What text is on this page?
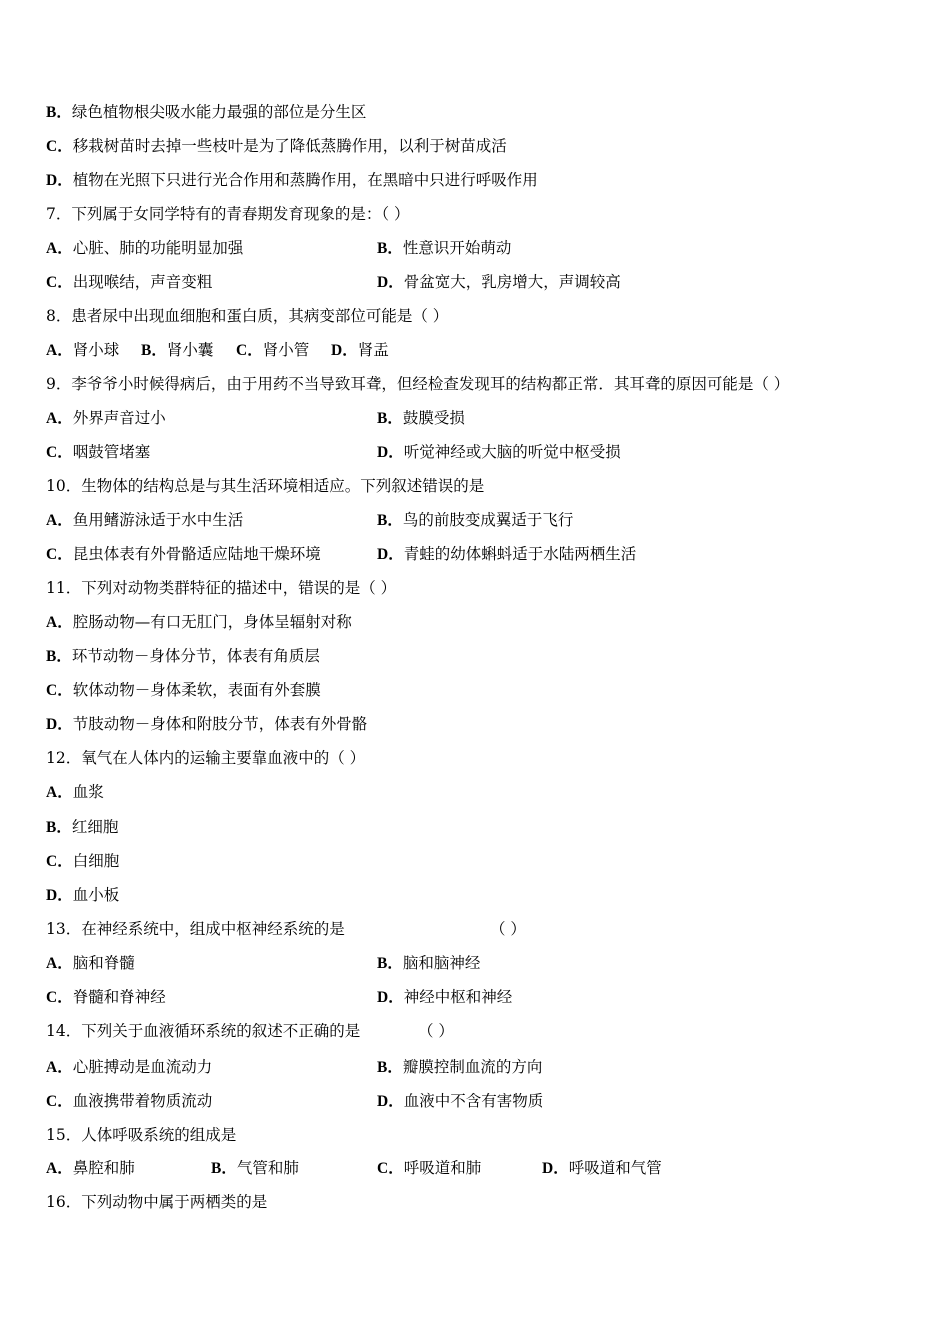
B．绿色植物根尖吸水能力最强的部位是分生区
C．移栽树苗时去掉一些枝叶是为了降低蒸腾作用，以利于树苗成活
D．植物在光照下只进行光合作用和蒸腾作用，在黑暗中只进行呼吸作用
7．下列属于女同学特有的青春期发育现象的是：（ ）
A．心脏、肺的功能明显加强	B．性意识开始萌动
C．出现喉结，声音变粗	D．骨盆宽大，乳房增大，声调较高
8．患者尿中出现血细胞和蛋白质，其病变部位可能是（ ）
A．肾小球 B．肾小囊 C．肾小管 D．肾盂
9．李爷爷小时候得病后，由于用药不当导致耳聋，但经检查发现耳的结构都正常．其耳聋的原因可能是（ ）
A．外界声音过小	B．鼓膜受损
C．咽鼓管堵塞	D．听觉神经或大脑的听觉中枢受损
10．生物体的结构总是与其生活环境相适应。下列叙述错误的是
A．鱼用鳍游泳适于水中生活	B．鸟的前肢变成翼适于飞行
C．昆虫体表有外骨骼适应陆地干燥环境	D．青蛙的幼体蝌蚪适于水陆两栖生活
11．下列对动物类群特征的描述中，错误的是（ ）
A．腔肠动物—有口无肛门，身体呈辐射对称
B．环节动物－身体分节，体表有角质层
C．软体动物－身体柔软，表面有外套膜
D．节肢动物－身体和附肢分节，体表有外骨骼
12．氧气在人体内的运输主要靠血液中的（ ）
A．血浆
B．红细胞
C．白细胞
D．血小板
13．在神经系统中，组成中枢神经系统的是	（ ）
A．脑和脊髓	B．脑和脑神经
C．脊髓和脊神经	D．神经中枢和神经
14．下列关于血液循环系统的叙述不正确的是	（ ）
A．心脏搏动是血流动力	B．瓣膜控制血流的方向
C．血液携带着物质流动	D．血液中不含有害物质
15．人体呼吸系统的组成是
A．鼻腔和肺	B．气管和肺	C．呼吸道和肺	D．呼吸道和气管
16．下列动物中属于两栖类的是
